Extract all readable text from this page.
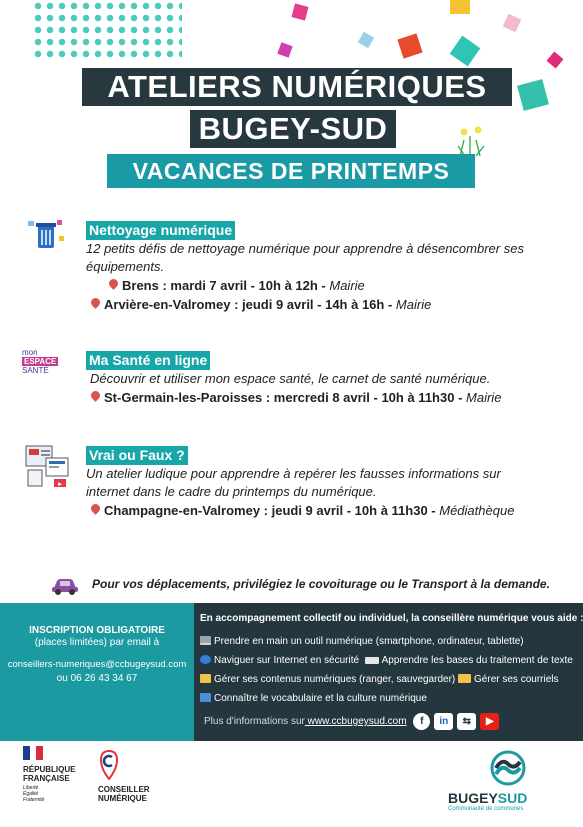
ATELIERS NUMÉRIQUES
BUGEY-SUD
VACANCES DE PRINTEMPS
Nettoyage numérique
12 petits défis de nettoyage numérique pour apprendre à désencombrer ses
équipements.
Brens : mardi 7 avril - 10h à 12h - Mairie
Arvière-en-Valromey : jeudi 9 avril - 14h à 16h - Mairie
mon
ESPACE
SANTÉ
Ma Santé en ligne
Découvrir et utiliser mon espace santé, le carnet de santé numérique.
St-Germain-les-Paroisses : mercredi 8 avril - 10h à 11h30 - Mairie
▶
Vrai ou Faux ?
Un atelier ludique pour apprendre à repérer les fausses informations sur
internet dans le cadre du printemps du numérique.
Champagne-en-Valromey : jeudi 9 avril - 10h à 11h30 - Médiathèque
Pour vos déplacements, privilégiez le covoiturage ou le Transport à la demande.
INSCRIPTION OBLIGATOIRE
(places limitées) par email à
conseillers-numeriques@ccbugeysud.com
ou 06 26 43 34 67
En accompagnement collectif ou individuel, la conseillère numérique vous aide :
Prendre en main un outil numérique (smartphone, ordinateur, tablette)
Naviguer sur Internet en sécurité Apprendre les bases du traitement de texte
Gérer ses contenus numériques (ranger, sauvegarder) Gérer ses courriels
Connaître le vocabulaire et la culture numérique
Plus d'informations sur www.ccbugeysud.com f in ⇆ ▶
RÉPUBLIQUE
FRANÇAISE
Liberté
Égalité
Fraternité
CONSEILLER
NUMÉRIQUE	BUGEYSUD
Communauté de communes
